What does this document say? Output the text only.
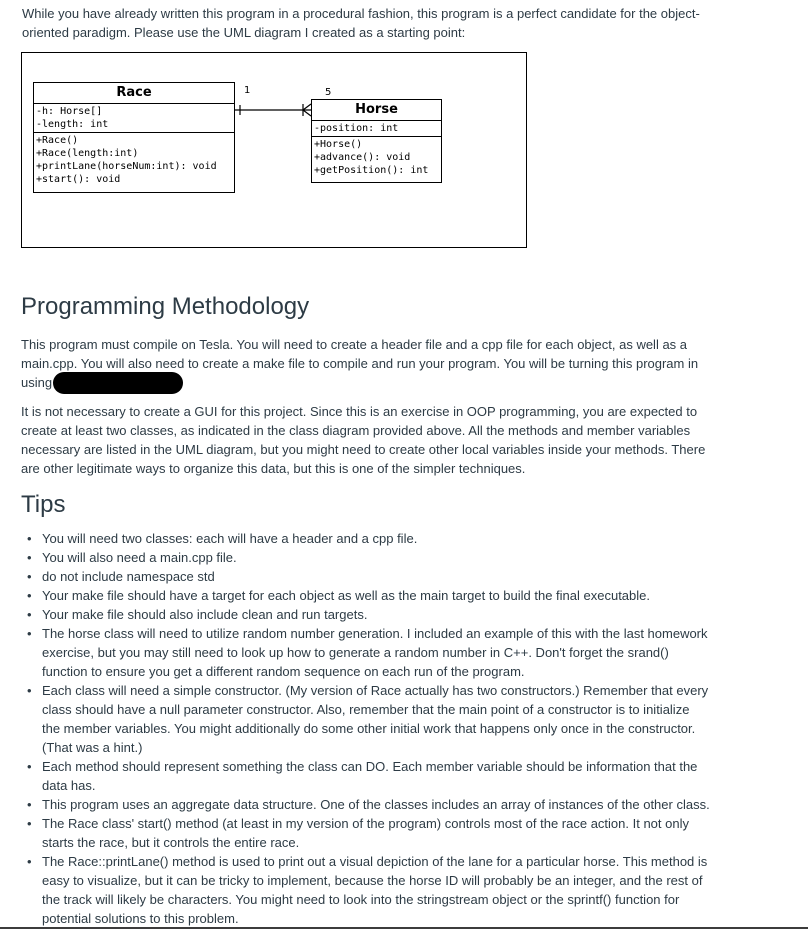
While you have already written this program in a procedural fashion, this program is a perfect candidate for the object-
oriented paradigm. Please use the UML diagram I created as a starting point:
Race
-h: Horse[]
-length: int
+Race()
+Race(length:int)
+printLane(horseNum:int): void
+start(): void
Horse
-position: int
+Horse()
+advance(): void
+getPosition(): int
1	5
Programming Methodology

This program must compile on Tesla. You will need to create a header file and a cpp file for each object, as well as a
main.cpp. You will also need to create a make file to compile and run your program. You will be turning this program in
using

It is not necessary to create a GUI for this project. Since this is an exercise in OOP programming, you are expected to
create at least two classes, as indicated in the class diagram provided above. All the methods and member variables
necessary are listed in the UML diagram, but you might need to create other local variables inside your methods. There
are other legitimate ways to organize this data, but this is one of the simpler techniques.

Tips
• You will need two classes: each will have a header and a cpp file.
• You will also need a main.cpp file.
• do not include namespace std
• Your make file should have a target for each object as well as the main target to build the final executable.
• Your make file should also include clean and run targets.
• The horse class will need to utilize random number generation. I included an example of this with the last homework
exercise, but you may still need to look up how to generate a random number in C++. Don't forget the srand()
function to ensure you get a different random sequence on each run of the program.
• Each class will need a simple constructor. (My version of Race actually has two constructors.) Remember that every
class should have a null parameter constructor. Also, remember that the main point of a constructor is to initialize
the member variables. You might additionally do some other initial work that happens only once in the constructor.
(That was a hint.)
• Each method should represent something the class can DO. Each member variable should be information that the
data has.
• This program uses an aggregate data structure. One of the classes includes an array of instances of the other class.
• The Race class' start() method (at least in my version of the program) controls most of the race action. It not only
starts the race, but it controls the entire race.
• The Race::printLane() method is used to print out a visual depiction of the lane for a particular horse. This method is
easy to visualize, but it can be tricky to implement, because the horse ID will probably be an integer, and the rest of
the track will likely be characters. You might need to look into the stringstream object or the sprintf() function for
potential solutions to this problem.
